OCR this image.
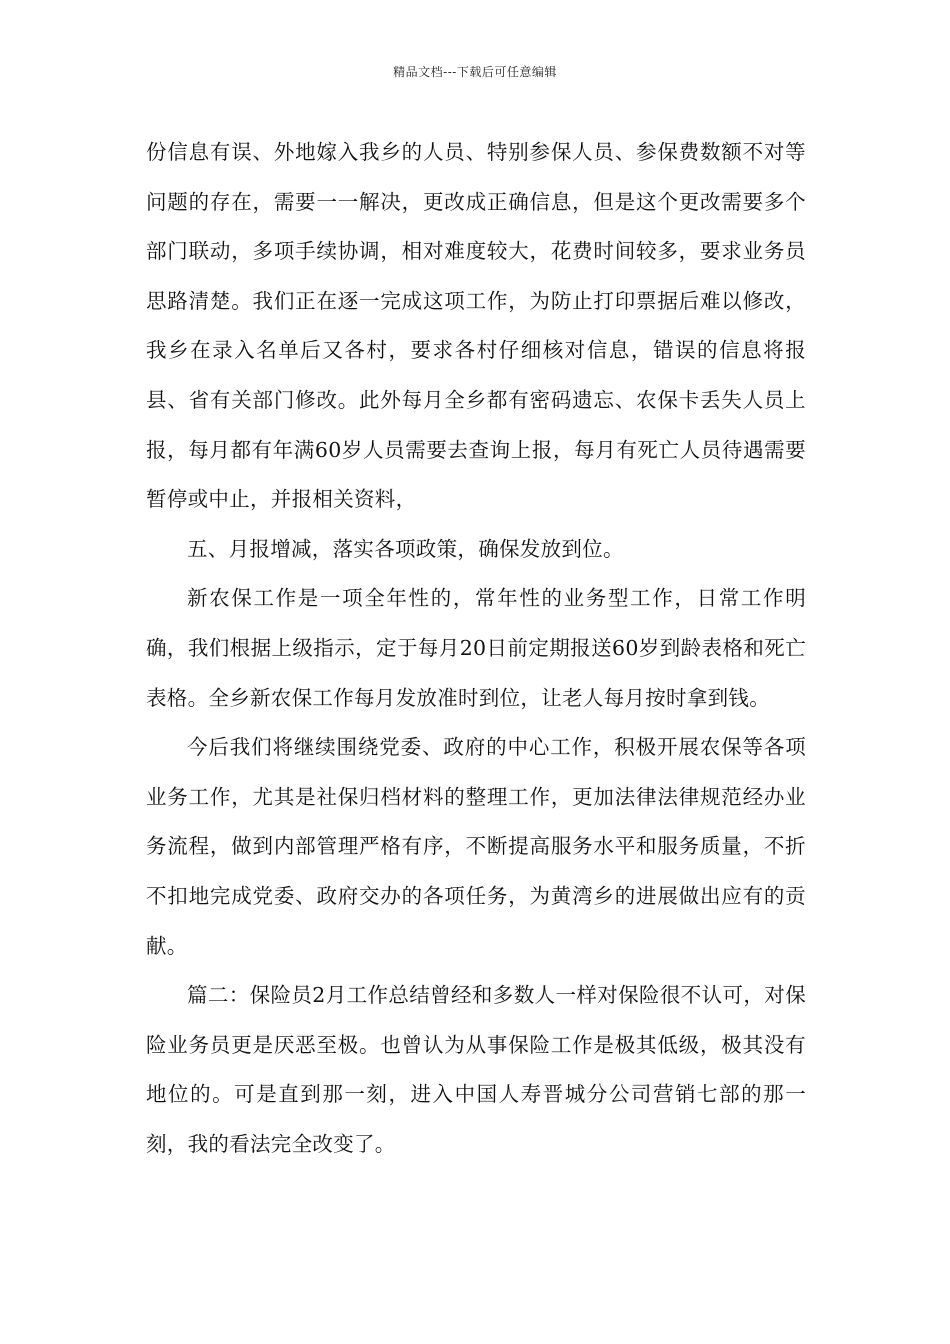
精品文档---下载后可任意编辑

份信息有误、外地嫁入我乡的人员、特别参保人员、参保费数额不对等问题的存在，需要一一解决，更改成正确信息，但是这个更改需要多个部门联动，多项手续协调，相对难度较大，花费时间较多，要求业务员思路清楚。我们正在逐一完成这项工作，为防止打印票据后难以修改，我乡在录入名单后又各村，要求各村仔细核对信息，错误的信息将报县、省有关部门修改。此外每月全乡都有密码遗忘、农保卡丢失人员上报，每月都有年满60岁人员需要去查询上报，每月有死亡人员待遇需要暂停或中止，并报相关资料，

五、月报增减，落实各项政策，确保发放到位。

新农保工作是一项全年性的，常年性的业务型工作，日常工作明确，我们根据上级指示，定于每月20日前定期报送60岁到龄表格和死亡表格。全乡新农保工作每月发放准时到位，让老人每月按时拿到钱。

今后我们将继续围绕党委、政府的中心工作，积极开展农保等各项业务工作，尤其是社保归档材料的整理工作，更加法律法律规范经办业务流程，做到内部管理严格有序，不断提高服务水平和服务质量，不折不扣地完成党委、政府交办的各项任务，为黄湾乡的进展做出应有的贡献。

篇二：保险员2月工作总结曾经和多数人一样对保险很不认可，对保险业务员更是厌恶至极。也曾认为从事保险工作是极其低级，极其没有地位的。可是直到那一刻，进入中国人寿晋城分公司营销七部的那一刻，我的看法完全改变了。
